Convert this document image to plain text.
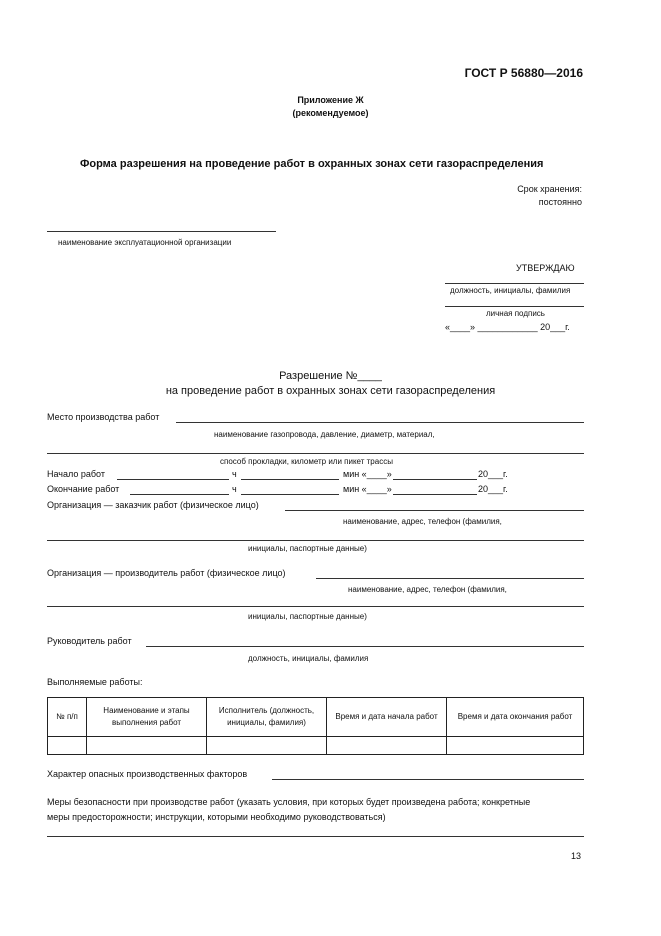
ГОСТ Р 56880—2016
Приложение Ж
(рекомендуемое)
Форма разрешения на проведение работ в охранных зонах сети газораспределения
Срок хранения:
постоянно
наименование эксплуатационной организации
УТВЕРЖДАЮ
должность, инициалы, фамилия
личная подпись
«____» ____________ 20___г.
Разрешение №____
на проведение работ в охранных зонах сети газораспределения
Место производства работ
наименование газопровода, давление, диаметр, материал,
способ прокладки, километр или пикет трассы
Начало работ	ч	мин «____»	20___г.
Окончание работ	ч	мин «____»	20___г.
Организация — заказчик работ (физическое лицо)
наименование, адрес, телефон (фамилия,
инициалы, паспортные данные)
Организация — производитель работ (физическое лицо)
наименование, адрес, телефон (фамилия,
инициалы, паспортные данные)
Руководитель работ
должность, инициалы, фамилия
Выполняемые работы:
№ п/п	Наименование и этапы выполнения работ	Исполнитель (должность, инициалы, фамилия)	Время и дата начала работ	Время и дата окончания работ

Характер опасных производственных факторов
Меры безопасности при производстве работ (указать условия, при которых будет произведена работа; конкретные
меры предосторожности; инструкции, которыми необходимо руководствоваться)
13
